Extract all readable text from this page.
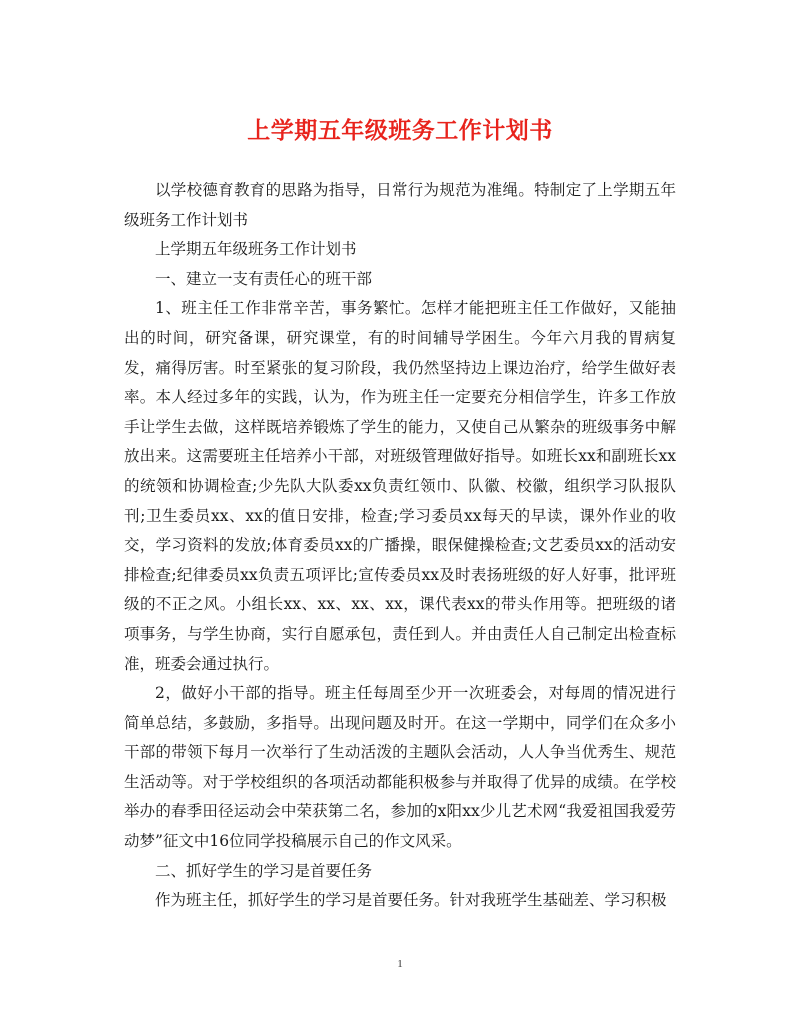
上学期五年级班务工作计划书

以学校德育教育的思路为指导，日常行为规范为准绳。特制定了上学期五年级班务工作计划书

上学期五年级班务工作计划书

一、建立一支有责任心的班干部

1、班主任工作非常辛苦，事务繁忙。怎样才能把班主任工作做好，又能抽出的时间，研究备课，研究课堂，有的时间辅导学困生。今年六月我的胃病复发，痛得厉害。时至紧张的复习阶段，我仍然坚持边上课边治疗，给学生做好表率。本人经过多年的实践，认为，作为班主任一定要充分相信学生，许多工作放手让学生去做，这样既培养锻炼了学生的能力，又使自己从繁杂的班级事务中解放出来。这需要班主任培养小干部，对班级管理做好指导。如班长xx和副班长xx的统领和协调检查;少先队大队委xx负责红领巾、队徽、校徽，组织学习队报队刊;卫生委员xx、xx的值日安排，检查;学习委员xx每天的早读，课外作业的收交，学习资料的发放;体育委员xx的广播操，眼保健操检查;文艺委员xx的活动安排检查;纪律委员xx负责五项评比;宣传委员xx及时表扬班级的好人好事，批评班级的不正之风。小组长xx、xx、xx、xx，课代表xx的带头作用等。把班级的诸项事务，与学生协商，实行自愿承包，责任到人。并由责任人自己制定出检查标准，班委会通过执行。

2，做好小干部的指导。班主任每周至少开一次班委会，对每周的情况进行简单总结，多鼓励，多指导。出现问题及时开。在这一学期中，同学们在众多小干部的带领下每月一次举行了生动活泼的主题队会活动，人人争当优秀生、规范生活动等。对于学校组织的各项活动都能积极参与并取得了优异的成绩。在学校举办的春季田径运动会中荣获第二名，参加的x阳xx少儿艺术网“我爱祖国我爱劳动梦”征文中16位同学投稿展示自己的作文风采。

二、抓好学生的学习是首要任务

作为班主任，抓好学生的学习是首要任务。针对我班学生基础差、学习积极

1
